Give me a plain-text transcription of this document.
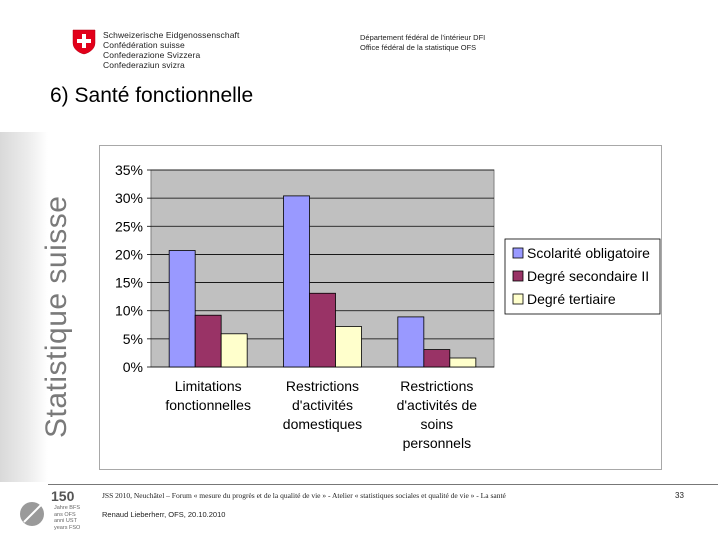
Schweizerische Eidgenossenschaft
Confédération suisse
Confederazione Svizzera
Confederaziun svizra
Département fédéral de l'intérieur DFI
Office fédéral de la statistique OFS
6) Santé fonctionnelle
Statistique suisse	0%
5%
10%
15%
20%
25%
30%
35%
Limitations fonctionnelles
Restrictions d'activités domestiques
Restrictions d'activités de soins personnels
Scolarité obligatoire
Degré secondaire II
Degré tertiaire
150
Jahre BFS
ans OFS
anni UST
years FSO
JSS 2010, Neuchâtel – Forum « mesure du progrès et de la qualité de vie » - Atelier « statistiques sociales et qualité de vie » - La santé
Renaud Lieberherr, OFS, 20.10.2010
33
